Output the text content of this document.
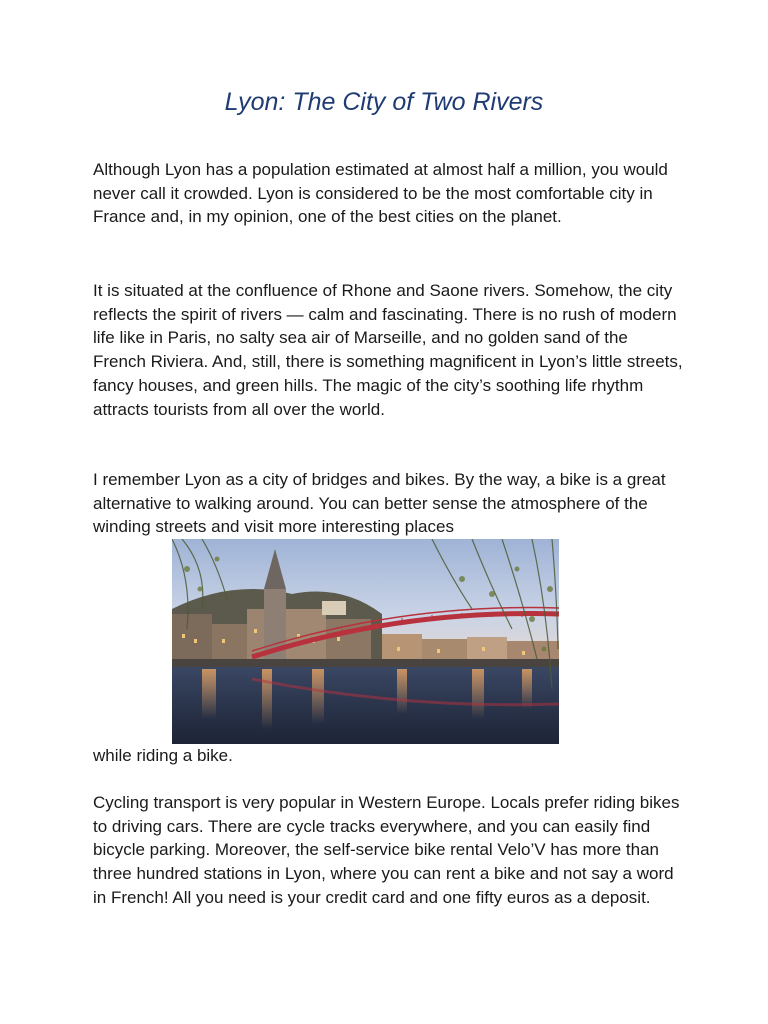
Lyon: The City of Two Rivers

Although Lyon has a population estimated at almost half a million, you would never call it crowded. Lyon is considered to be the most comfortable city in France and, in my opinion, one of the best cities on the planet.

It is situated at the confluence of Rhone and Saone rivers. Somehow, the city reflects the spirit of rivers — calm and fascinating. There is no rush of modern life like in Paris, no salty sea air of Marseille, and no golden sand of the French Riviera. And, still, there is something magnificent in Lyon’s little streets, fancy houses, and green hills. The magic of the city’s soothing life rhythm attracts tourists from all over the world.

I remember Lyon as a city of bridges and bikes. By the way, a bike is a great alternative to walking around. You can better sense the atmosphere of the winding streets and visit more interesting places

while riding a bike.

Cycling transport is very popular in Western Europe. Locals prefer riding bikes to driving cars. There are cycle tracks everywhere, and you can easily find bicycle parking. Moreover, the self-service bike rental Velo’V has more than three hundred stations in Lyon, where you can rent a bike and not say a word in French! All you need is your credit card and one fifty euros as a deposit.
